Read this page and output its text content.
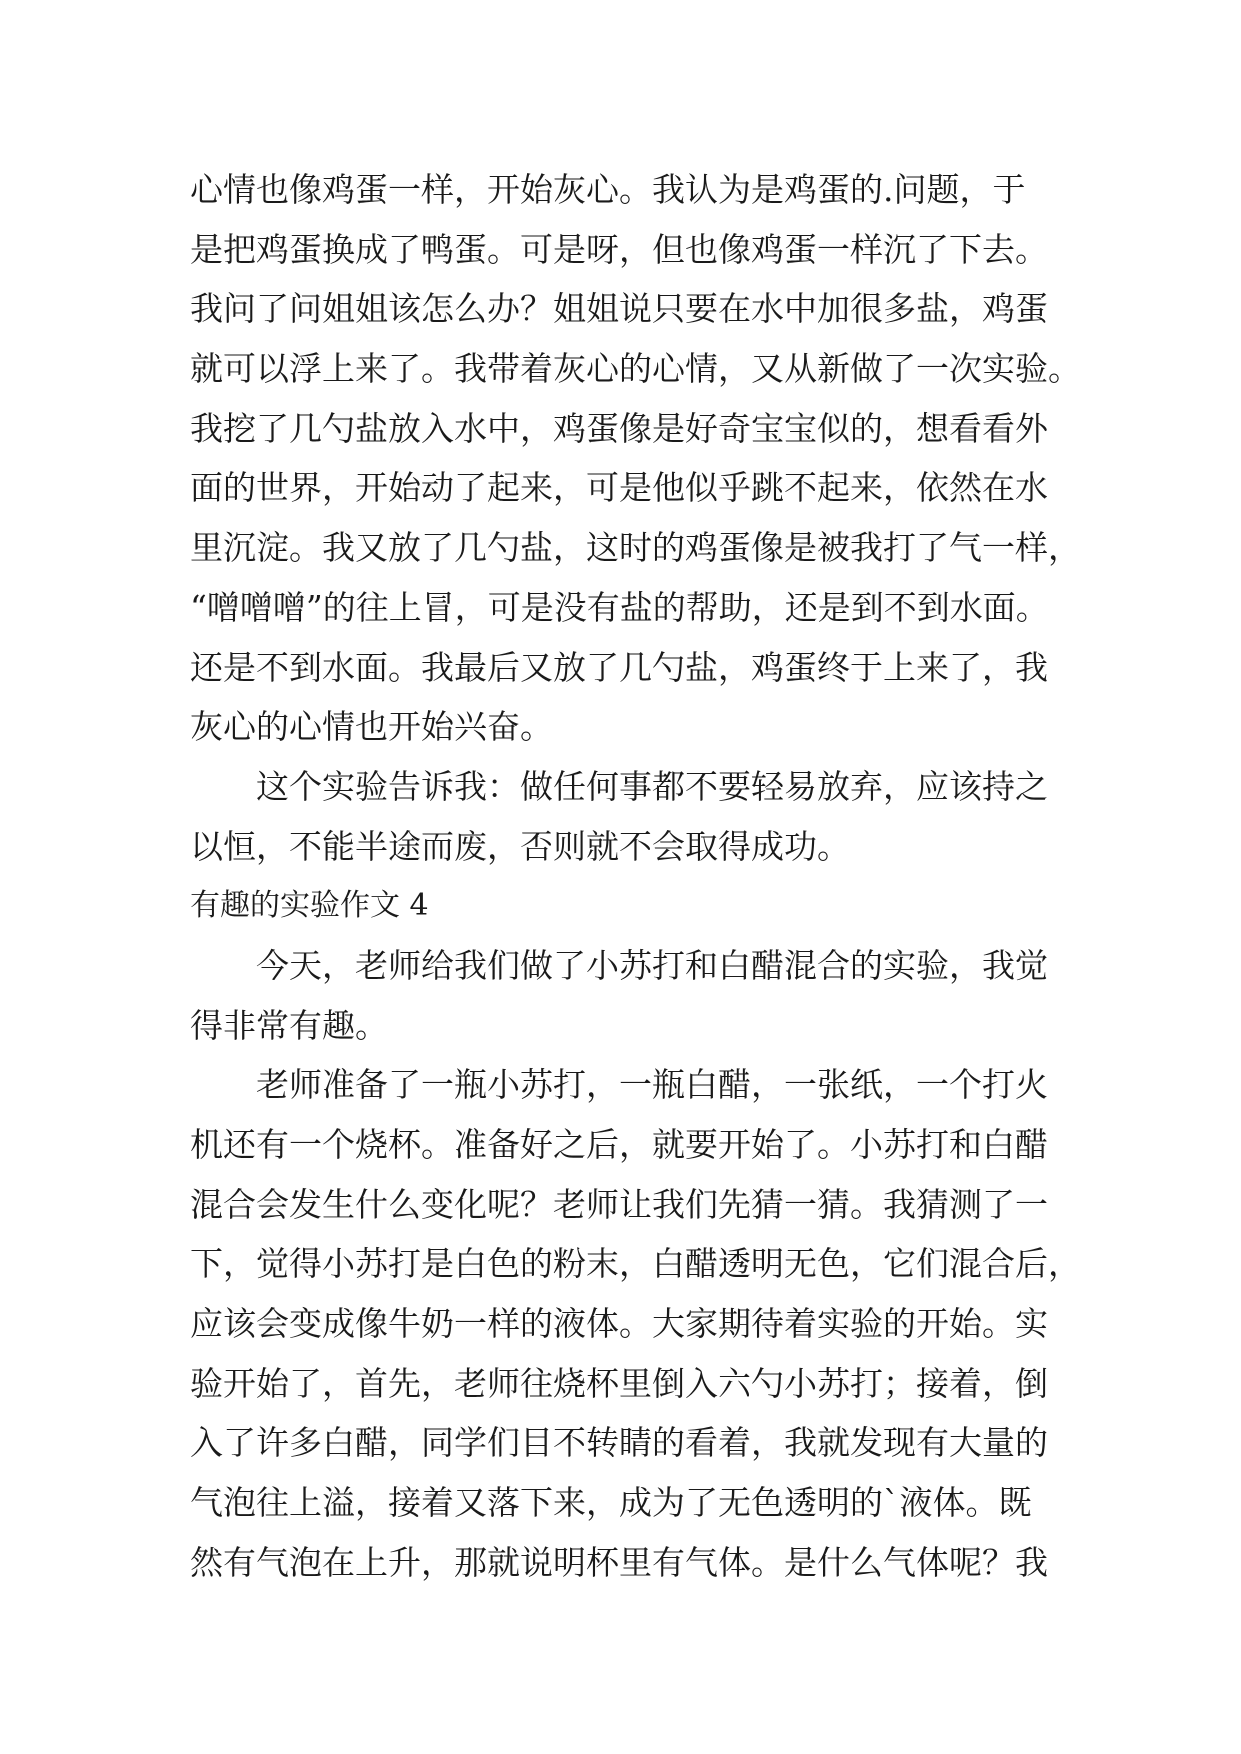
心情也像鸡蛋一样，开始灰心。我认为是鸡蛋的.问题，于
是把鸡蛋换成了鸭蛋。可是呀，但也像鸡蛋一样沉了下去。
我问了问姐姐该怎么办？姐姐说只要在水中加很多盐，鸡蛋
就可以浮上来了。我带着灰心的心情，又从新做了一次实验。
我挖了几勺盐放入水中，鸡蛋像是好奇宝宝似的，想看看外
面的世界，开始动了起来，可是他似乎跳不起来，依然在水
里沉淀。我又放了几勺盐，这时的鸡蛋像是被我打了气一样，
“噌噌噌”的往上冒，可是没有盐的帮助，还是到不到水面。
还是不到水面。我最后又放了几勺盐，鸡蛋终于上来了，我
灰心的心情也开始兴奋。
这个实验告诉我：做任何事都不要轻易放弃，应该持之
以恒，不能半途而废，否则就不会取得成功。
有趣的实验作文 4
今天，老师给我们做了小苏打和白醋混合的实验，我觉
得非常有趣。
老师准备了一瓶小苏打，一瓶白醋，一张纸，一个打火
机还有一个烧杯。准备好之后，就要开始了。小苏打和白醋
混合会发生什么变化呢？老师让我们先猜一猜。我猜测了一
下，觉得小苏打是白色的粉末，白醋透明无色，它们混合后，
应该会变成像牛奶一样的液体。大家期待着实验的开始。实
验开始了，首先，老师往烧杯里倒入六勺小苏打；接着，倒
入了许多白醋，同学们目不转睛的看着，我就发现有大量的
气泡往上溢，接着又落下来，成为了无色透明的`液体。既
然有气泡在上升，那就说明杯里有气体。是什么气体呢？我
